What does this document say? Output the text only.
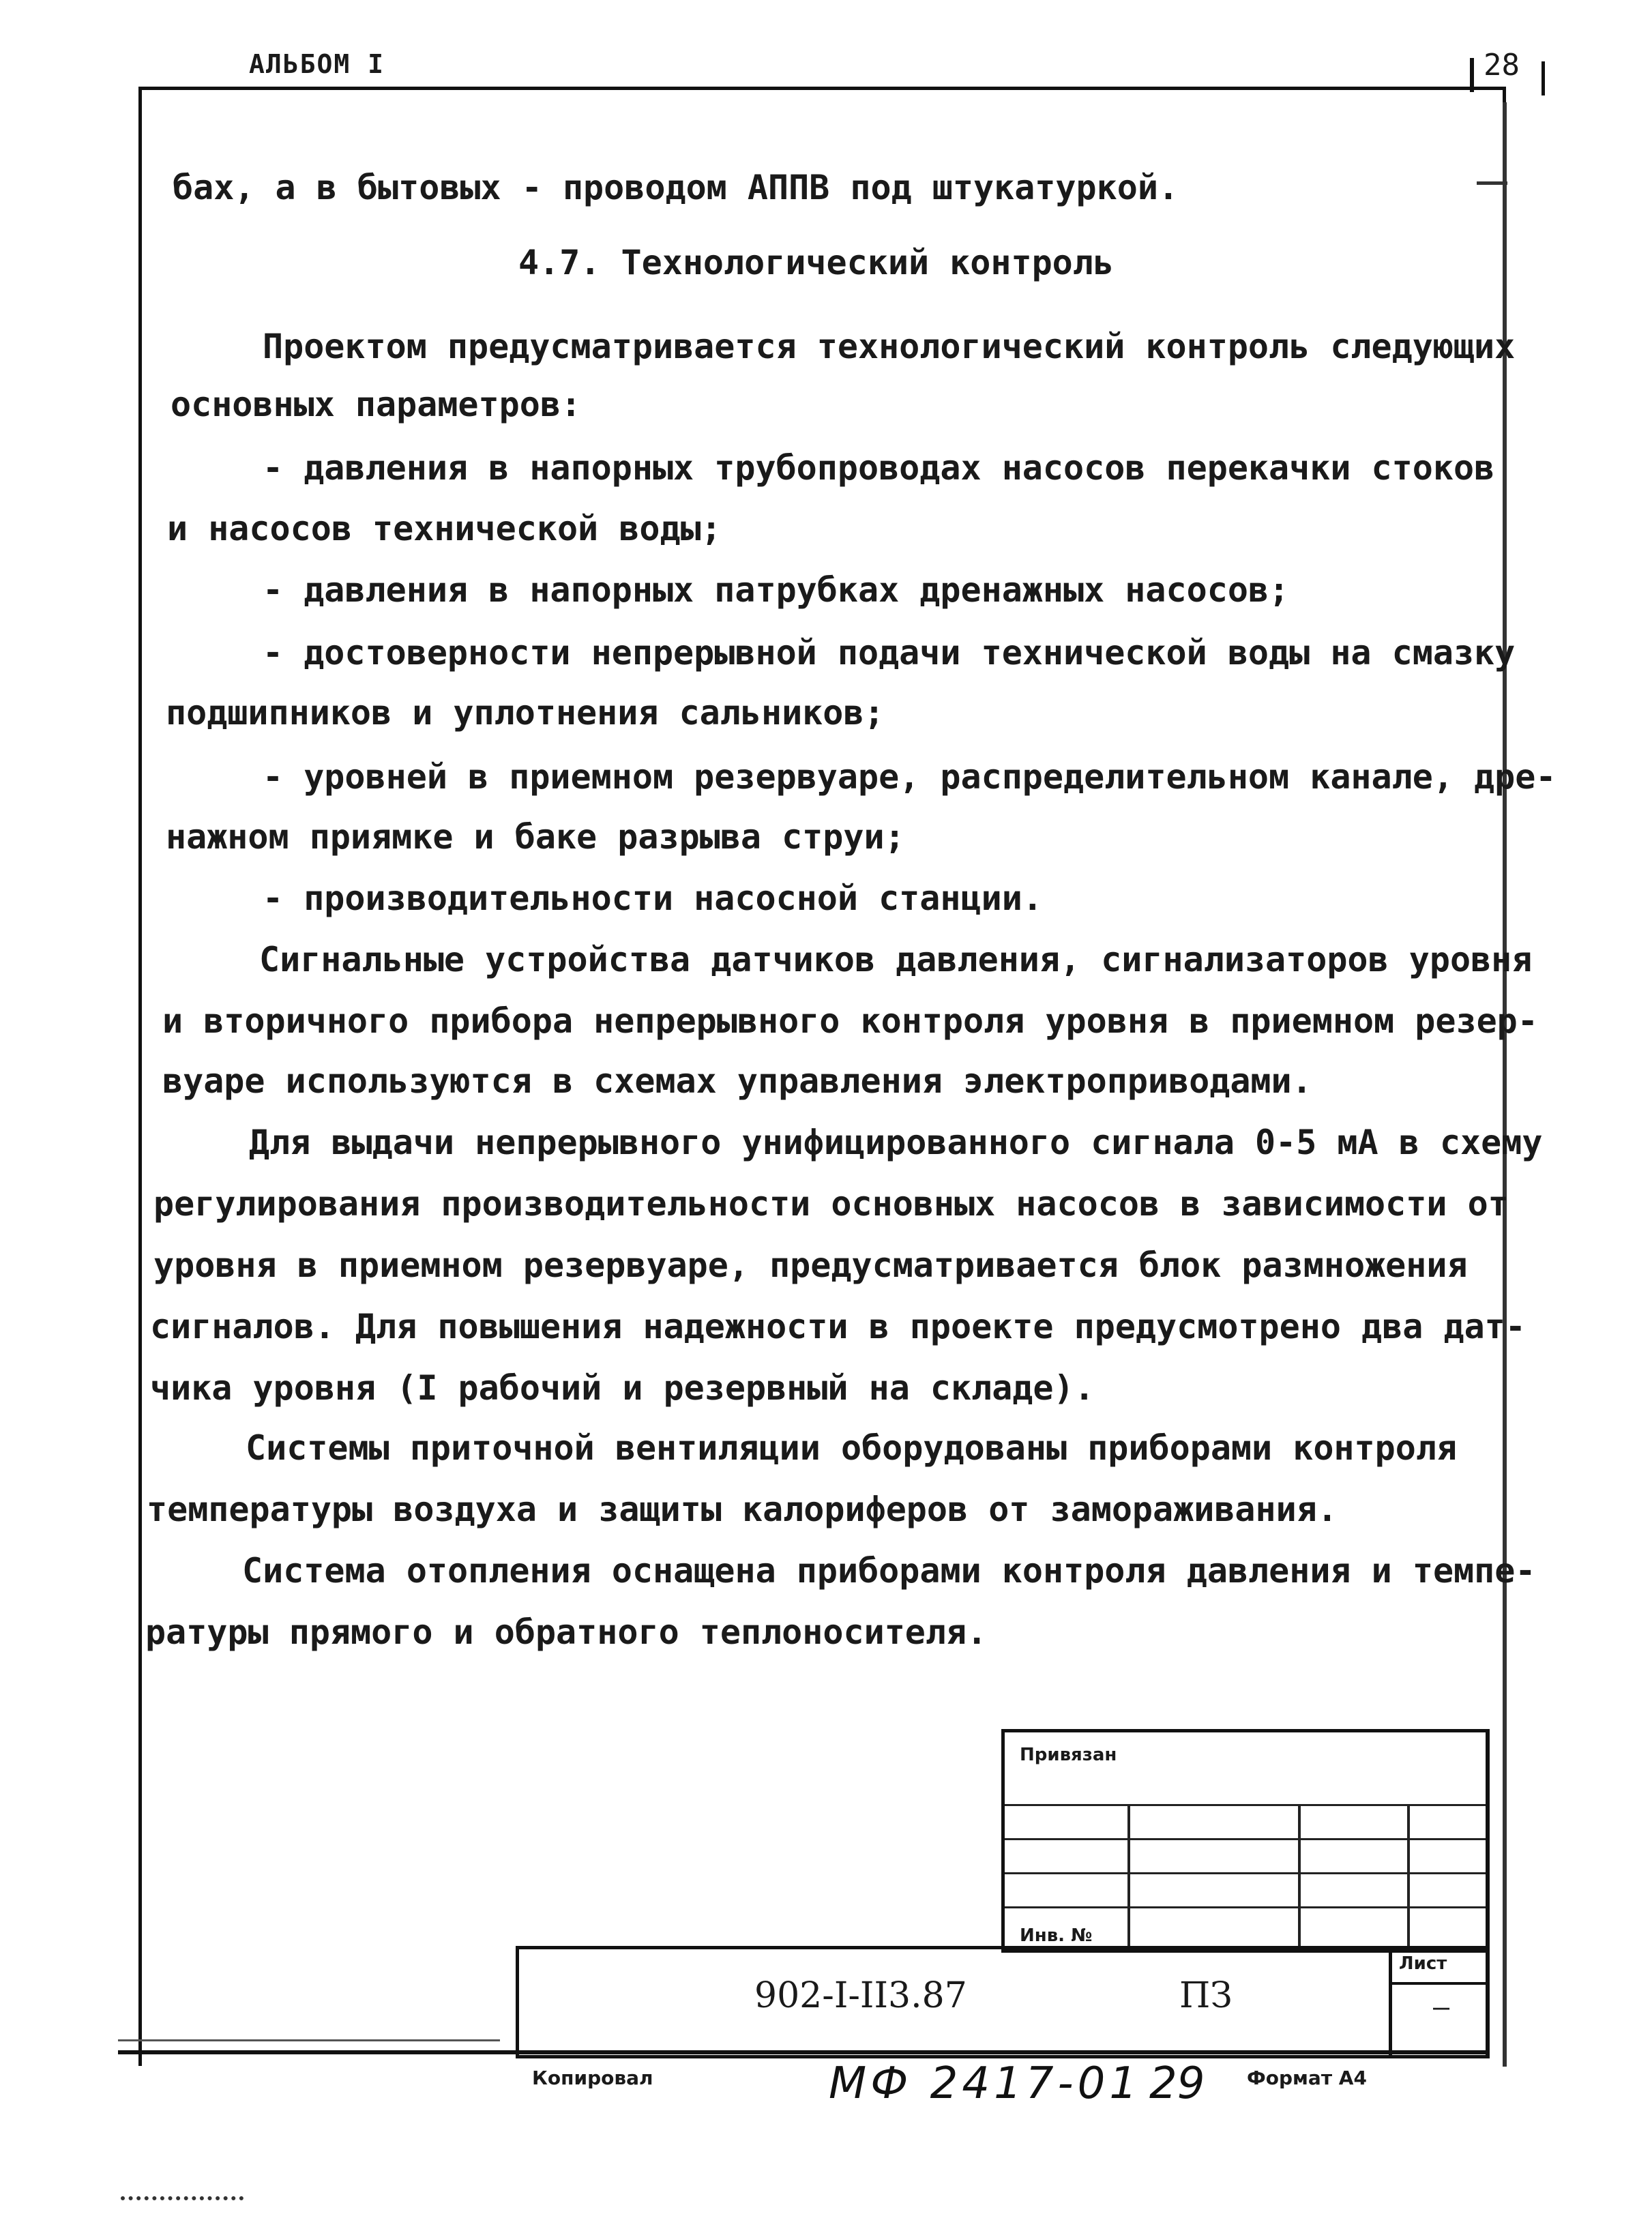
АЛЬБОМ I	28
бах, а в бытовых - проводом АППВ под штукатуркой.
4.7. Технологический контроль
Проектом предусматривается технологический контроль следующих
основных параметров:
- давления в напорных трубопроводах насосов перекачки стоков
и насосов технической воды;
- давления в напорных патрубках дренажных насосов;
- достоверности непрерывной подачи технической воды на смазку
подшипников и уплотнения сальников;
- уровней в приемном резервуаре, распределительном канале, дре-
нажном приямке и баке разрыва струи;
- производительности насосной станции.
Сигнальные устройства датчиков давления, сигнализаторов уровня
и вторичного прибора непрерывного контроля уровня в приемном резер-
вуаре используются в схемах управления электроприводами.
Для выдачи непрерывного унифицированного сигнала 0-5 мА в схему
регулирования производительности основных насосов в зависимости от
уровня в приемном резервуаре, предусматривается блок размножения
сигналов. Для повышения надежности в проекте предусмотрено два дат-
чика уровня (I рабочий и резервный на складе).
Системы приточной вентиляции оборудованы приборами контроля
температуры воздуха и защиты калориферов от замораживания.
Система отопления оснащена приборами контроля давления и темпе-
ратуры прямого и обратного теплоносителя.
Привязан
Инв. №
902-I-II3.87	ПЗ
Лист
–
Копировал	МФ 2417-01 29 Формат А4
